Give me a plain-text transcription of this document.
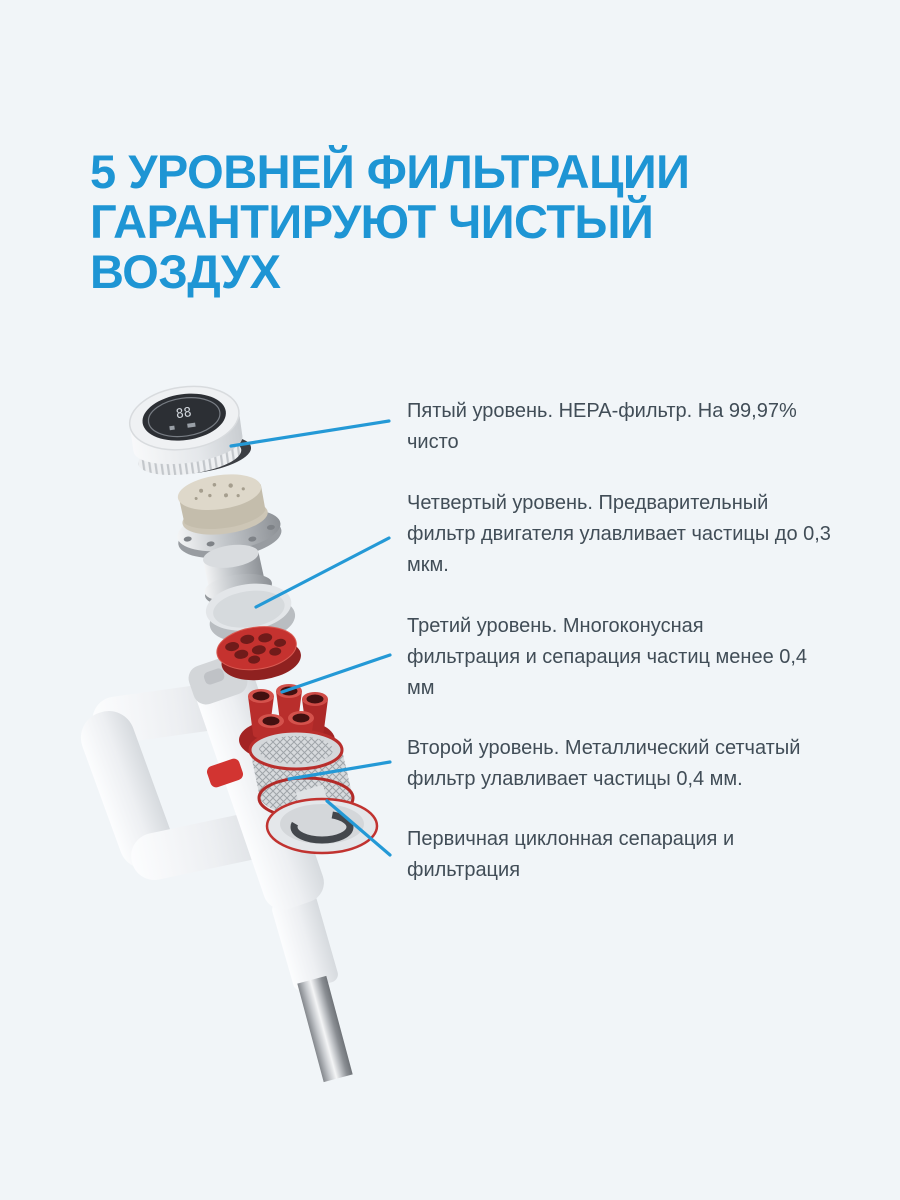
5 УРОВНЕЙ ФИЛЬТРАЦИИ
ГАРАНТИРУЮТ ЧИСТЫЙ
ВОЗДУХ
88	Пятый уровень. HEPA-фильтр. На 99,97%
чисто
Четвертый уровень. Предварительный
фильтр двигателя улавливает частицы до 0,3
мкм.
Третий уровень. Многоконусная
фильтрация и сепарация частиц менее 0,4
мм
Второй уровень. Металлический сетчатый
фильтр улавливает частицы 0,4 мм.
Первичная циклонная сепарация и
фильтрация
